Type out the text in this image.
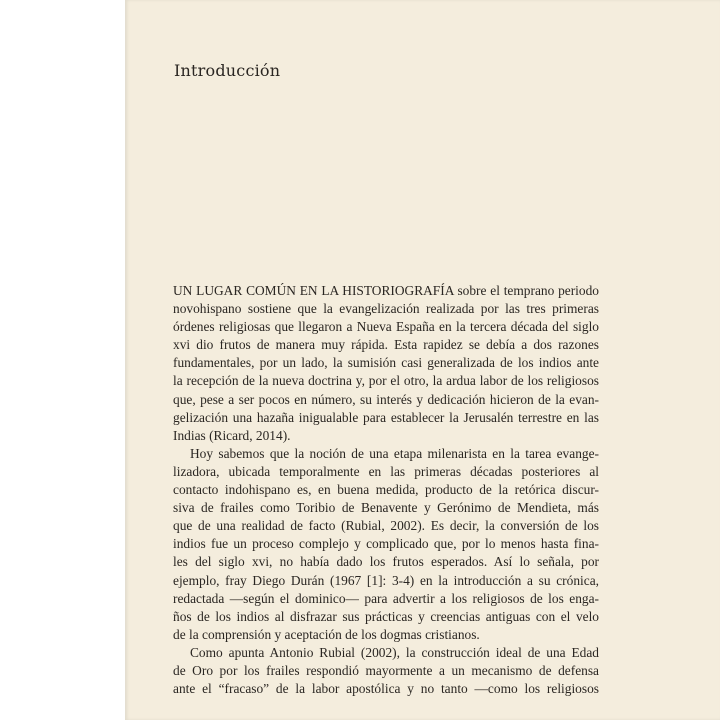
Introducción
UN LUGAR COMÚN EN LA HISTORIOGRAFÍA sobre el temprano periodo
novohispano sostiene que la evangelización realizada por las tres primeras
órdenes religiosas que llegaron a Nueva España en la tercera década del siglo
xvi dio frutos de manera muy rápida. Esta rapidez se debía a dos razones
fundamentales, por un lado, la sumisión casi generalizada de los indios ante
la recepción de la nueva doctrina y, por el otro, la ardua labor de los religiosos
que, pese a ser pocos en número, su interés y dedicación hicieron de la evan-
gelización una hazaña inigualable para establecer la Jerusalén terrestre en las
Indias (Ricard, 2014).
Hoy sabemos que la noción de una etapa milenarista en la tarea evange-
lizadora, ubicada temporalmente en las primeras décadas posteriores al
contacto indohispano es, en buena medida, producto de la retórica discur-
siva de frailes como Toribio de Benavente y Gerónimo de Mendieta, más
que de una realidad de facto (Rubial, 2002). Es decir, la conversión de los
indios fue un proceso complejo y complicado que, por lo menos hasta fina-
les del siglo xvi, no había dado los frutos esperados. Así lo señala, por
ejemplo, fray Diego Durán (1967 [1]: 3-4) en la introducción a su crónica,
redactada —según el dominico— para advertir a los religiosos de los enga-
ños de los indios al disfrazar sus prácticas y creencias antiguas con el velo
de la comprensión y aceptación de los dogmas cristianos.
Como apunta Antonio Rubial (2002), la construcción ideal de una Edad
de Oro por los frailes respondió mayormente a un mecanismo de defensa
ante el “fracaso” de la labor apostólica y no tanto —como los religiosos
